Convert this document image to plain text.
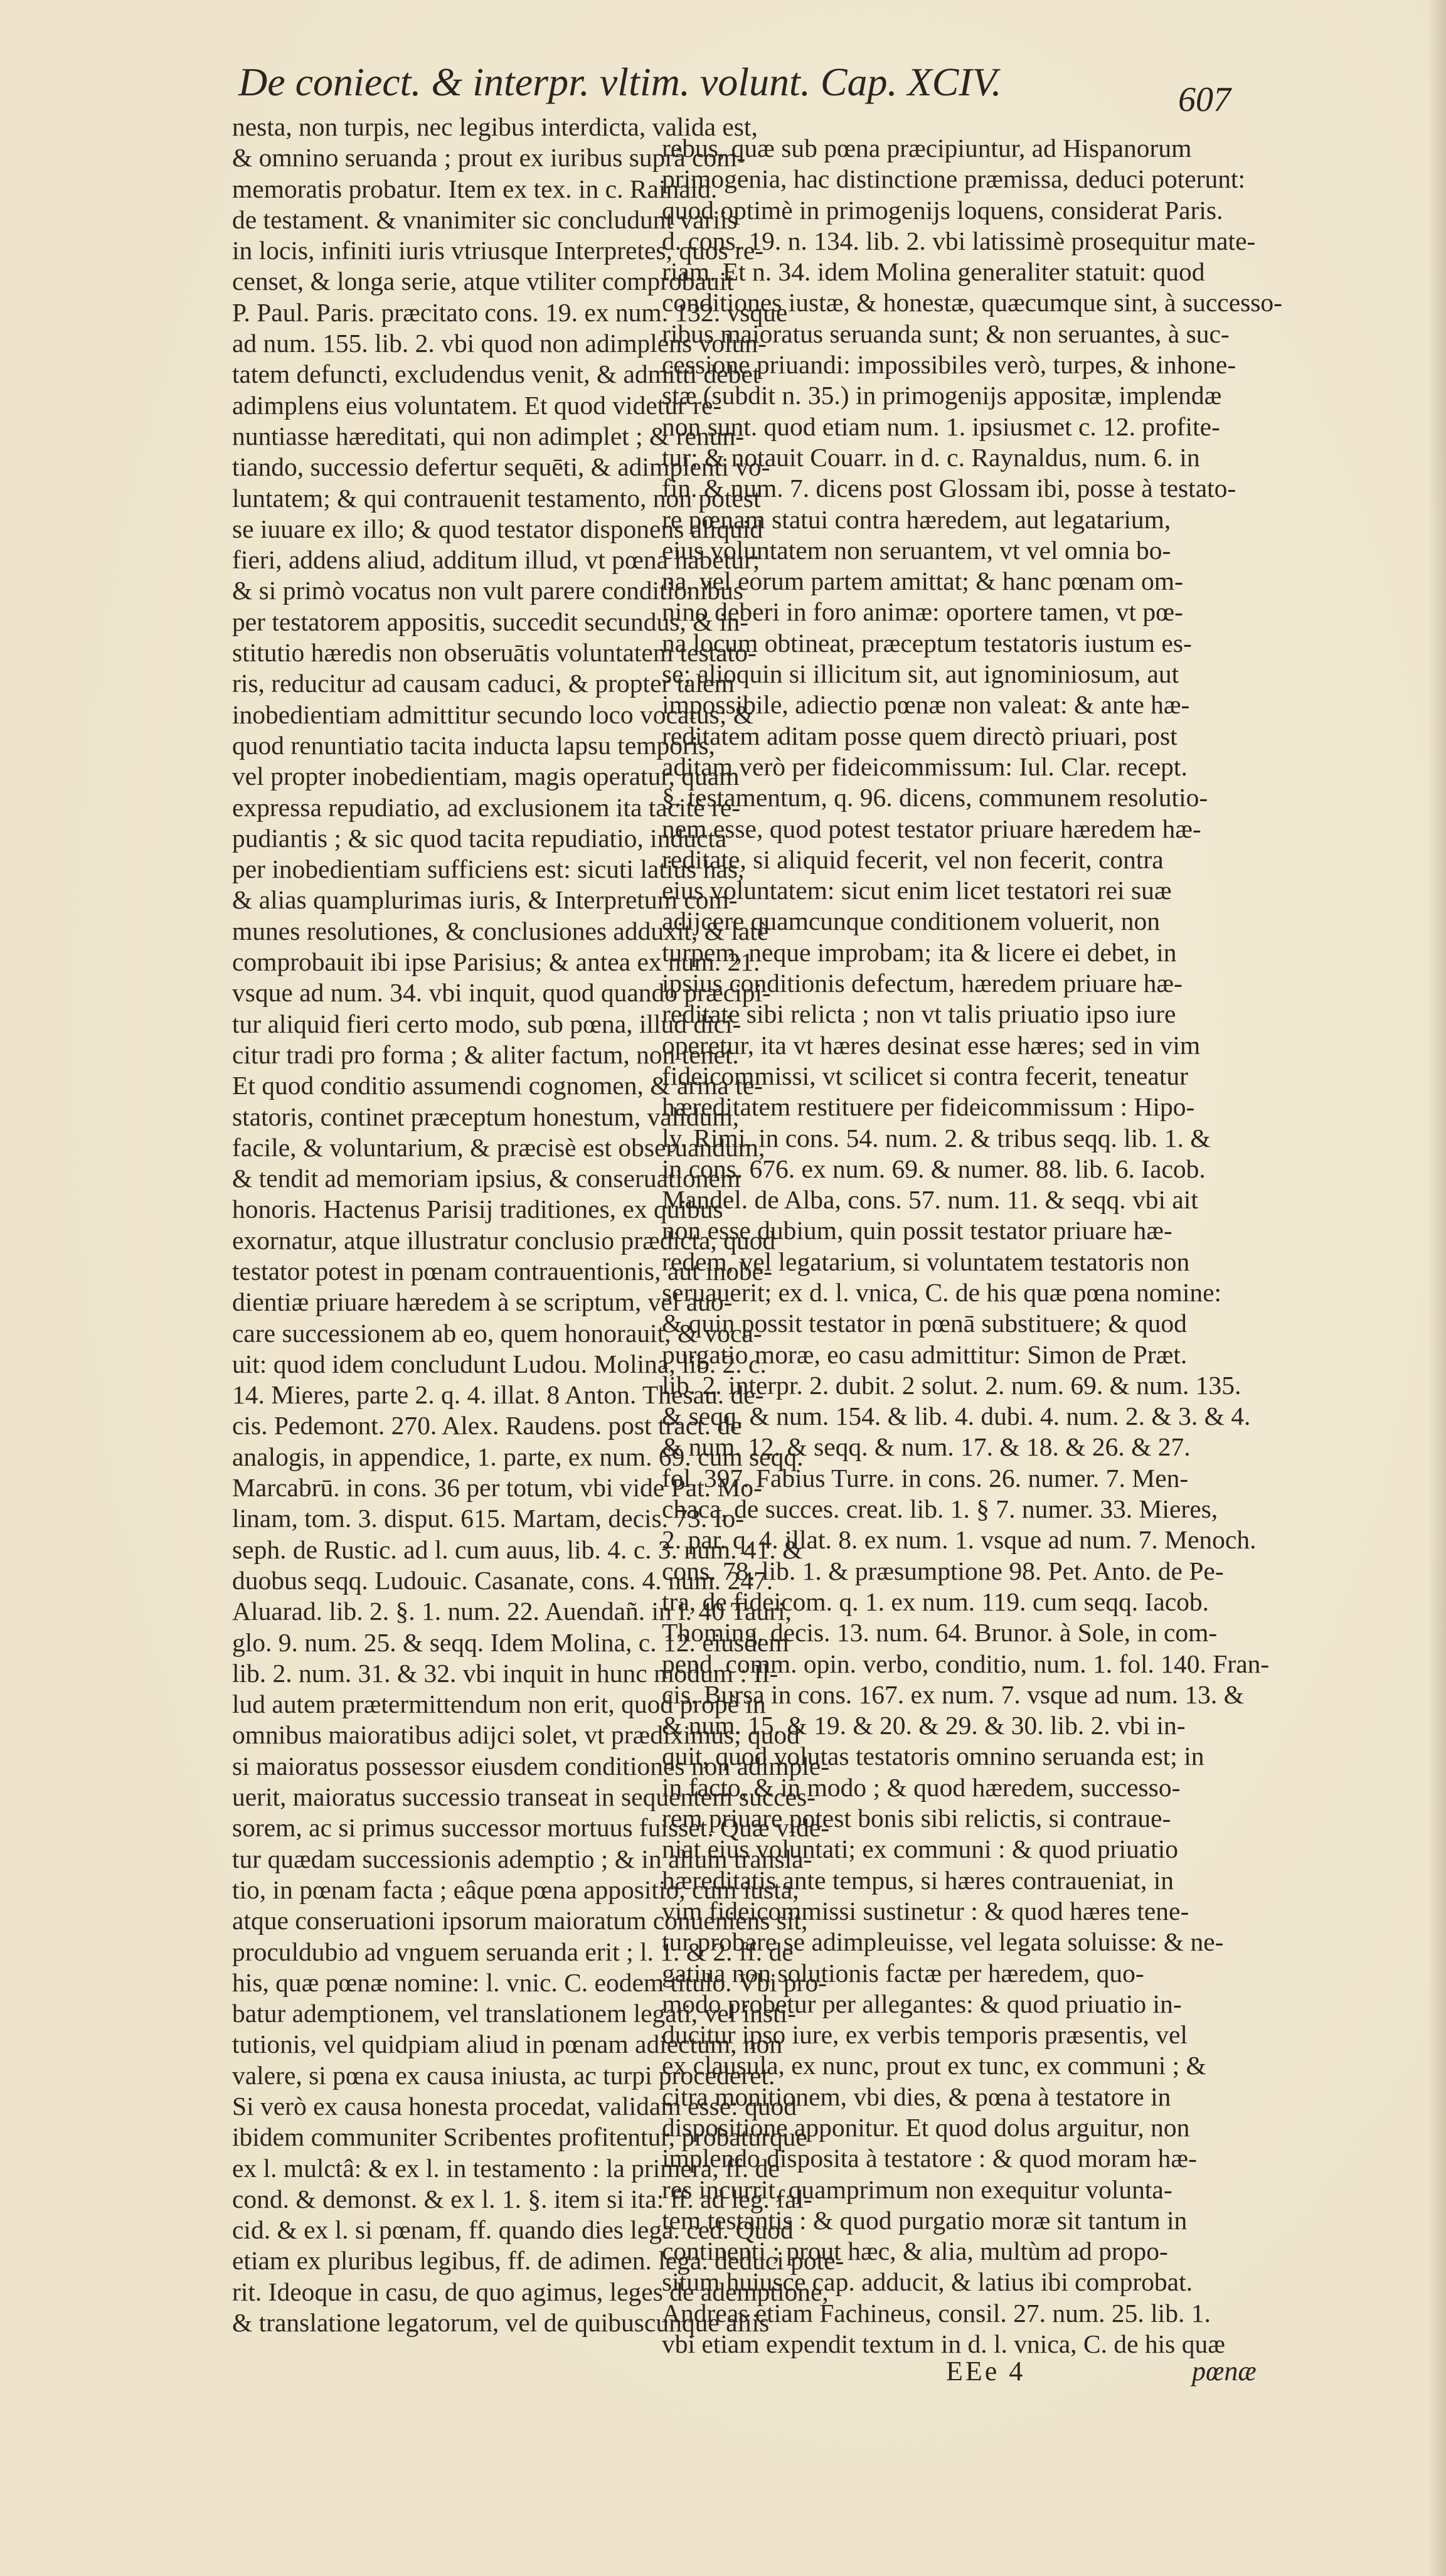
De coniect. & interpr. vltim. volunt. Cap. XCIV.	607
nesta, non turpis, nec legibus interdicta, valida est,
& omnino seruanda ; prout ex iuribus suprà com-
memoratis probatur. Item ex tex. in c. Rainald.
de testament. & vnanimiter sic concludunt variis
in locis, infiniti iuris vtriusque Interpretes, quos re-
censet, & longa serie, atque vtiliter comprobauit
P. Paul. Paris. præcitato cons. 19. ex num. 132. vsque
ad num. 155. lib. 2. vbi quod non adimplens volun-
tatem defuncti, excludendus venit, & admitti debet
adimplens eius voluntatem. Et quod videtur re-
nuntiasse hæreditati, qui non adimplet ; & renun-
tiando, successio defertur sequēti, & adimplenti vo-
luntatem; & qui contrauenit testamento, non potest
se iuuare ex illo; & quod testator disponens aliquid
fieri, addens aliud, additum illud, vt pœna habetur;
& si primò vocatus non vult parere conditionibus
per testatorem appositis, succedit secundus, & in-
stitutio hæredis non obseruātis voluntatem testato-
ris, reducitur ad causam caduci, & propter talem
inobedientiam admittitur secundo loco vocatus; &
quod renuntiatio tacita inducta lapsu temporis,
vel propter inobedientiam, magis operatur, quam
expressa repudiatio, ad exclusionem ita tacitè re-
pudiantis ; & sic quod tacita repudiatio, inducta
per inobedientiam sufficiens est: sicuti latius has,
& alias quamplurimas iuris, & Interpretum com-
munes resolutiones, & conclusiones adduxit, & latè
comprobauit ibi ipse Parisius; & antea ex num. 21.
vsque ad num. 34. vbi inquit, quod quando præcipi-
tur aliquid fieri certo modo, sub pœna, illud dici-
citur tradi pro forma ; & aliter factum, non tenet.
Et quod conditio assumendi cognomen, & arma te-
statoris, continet præceptum honestum, validum,
facile, & voluntarium, & præcisè est obseruandum,
& tendit ad memoriam ipsius, & conseruationem
honoris. Hactenus Parisij traditiones, ex quibus
exornatur, atque illustratur conclusio prædicta, quod
testator potest in pœnam contrauentionis, aut inobe-
dientiæ priuare hæredem à se scriptum, vel auo-
care successionem ab eo, quem honorauit, & voca-
uit: quod idem concludunt Ludou. Molina, lib. 2. c.
14. Mieres, parte 2. q. 4. illat. 8 Anton. Thesau. de-
cis. Pedemont. 270. Alex. Raudens. post tract. de
analogis, in appendice, 1. parte, ex num. 69. cum seqq.
Marcabrū. in cons. 36 per totum, vbi vide Pat. Mo-
linam, tom. 3. disput. 615. Martam, decis. 73. Io-
seph. de Rustic. ad l. cum auus, lib. 4. c. 3. num. 41. &
duobus seqq. Ludouic. Casanate, cons. 4. num. 247.
Aluarad. lib. 2. §. 1. num. 22. Auendañ. in l. 40 Tauri,
glo. 9. num. 25. & seqq. Idem Molina, c. 12. eiusdem
lib. 2. num. 31. & 32. vbi inquit in hunc modum : Il-
lud autem prætermittendum non erit, quod propè in
omnibus maioratibus adijci solet, vt prædiximus; quod
si maioratus possessor eiusdem conditiones non adimple-
uerit, maioratus successio transeat in sequentem succes-
sorem, ac si primus successor mortuus fuisset. Quæ vide-
tur quædam successionis ademptio ; & in alium transla-
tio, in pœnam facta ; eâque pœna appositio, cum iusta,
atque conseruationi ipsorum maioratum conueniens sit,
proculdubio ad vnguem seruanda erit ; l. 1. & 2. ff. de
his, quæ pœnæ nomine: l. vnic. C. eodem titulo. Vbi pro-
batur ademptionem, vel translationem legati, vel insti-
tutionis, vel quidpiam aliud in pœnam adiectum, non
valere, si pœna ex causa iniusta, ac turpi procederet.
Si verò ex causa honesta procedat, validam esse: quod
ibidem communiter Scribentes profitentur, probaturque
ex l. mulctâ: & ex l. in testamento : la primera, ff. de
cond. & demonst. & ex l. 1. §. item si ita: ff. ad leg. fal-
cid. & ex l. si pœnam, ff. quando dies lega. ced. Quod
etiam ex pluribus legibus, ff. de adimen. lega. deduci pote-
rit. Ideoque in casu, de quo agimus, leges de ademptione,
& translatione legatorum, vel de quibuscunque aliis
rebus, quæ sub pœna præcipiuntur, ad Hispanorum
primogenia, hac distinctione præmissa, deduci poterunt:
quod optimè in primogenijs loquens, considerat Paris.
d. cons. 19. n. 134. lib. 2. vbi latissimè prosequitur mate-
riam. Et n. 34. idem Molina generaliter statuit: quod
conditiones iustæ, & honestæ, quæcumque sint, à successo-
ribus maioratus seruanda sunt; & non seruantes, à suc-
cessione priuandi: impossibiles verò, turpes, & inhone-
stæ (subdit n. 35.) in primogenijs appositæ, implendæ
non sunt. quod etiam num. 1. ipsiusmet c. 12. profite-
tur; & notauit Couarr. in d. c. Raynaldus, num. 6. in
fin. & num. 7. dicens post Glossam ibi, posse à testato-
re pœnam statui contra hæredem, aut legatarium,
eius voluntatem non seruantem, vt vel omnia bo-
na, vel eorum partem amittat; & hanc pœnam om-
nino deberi in foro animæ: oportere tamen, vt pœ-
na locum obtineat, præceptum testatoris iustum es-
se; alioquin si illicitum sit, aut ignominiosum, aut
impossibile, adiectio pœnæ non valeat: & ante hæ-
reditatem aditam posse quem directò priuari, post
aditam verò per fideicommissum: Iul. Clar. recept.
§. testamentum, q. 96. dicens, communem resolutio-
nem esse, quod potest testator priuare hæredem hæ-
reditate, si aliquid fecerit, vel non fecerit, contra
eius voluntatem: sicut enim licet testatori rei suæ
adijcere quamcunque conditionem voluerit, non
turpem, neque improbam; ita & licere ei debet, in
ipsius conditionis defectum, hæredem priuare hæ-
reditate sibi relicta ; non vt talis priuatio ipso iure
operetur, ita vt hæres desinat esse hæres; sed in vim
fideicommissi, vt scilicet si contra fecerit, teneatur
hæreditatem restituere per fideicommissum : Hipo-
ly. Rimi. in cons. 54. num. 2. & tribus seqq. lib. 1. &
in cons. 676. ex num. 69. & numer. 88. lib. 6. Iacob.
Mandel. de Alba, cons. 57. num. 11. & seqq. vbi ait
non esse dubium, quin possit testator priuare hæ-
redem, vel legatarium, si voluntatem testatoris non
seruauerit; ex d. l. vnica, C. de his quæ pœna nomine:
& quin possit testator in pœnā substituere; & quod
purgatio moræ, eo casu admittitur: Simon de Præt.
lib. 2. interpr. 2. dubit. 2 solut. 2. num. 69. & num. 135.
& seqq. & num. 154. & lib. 4. dubi. 4. num. 2. & 3. & 4.
& num. 12. & seqq. & num. 17. & 18. & 26. & 27.
fol. 397. Fabius Turre. in cons. 26. numer. 7. Men-
chaca, de succes. creat. lib. 1. § 7. numer. 33. Mieres,
2. par. q. 4. illat. 8. ex num. 1. vsque ad num. 7. Menoch.
cons. 78. lib. 1. & præsumptione 98. Pet. Anto. de Pe-
tra, de fideicom. q. 1. ex num. 119. cum seqq. Iacob.
Thoming. decis. 13. num. 64. Brunor. à Sole, in com-
pend. comm. opin. verbo, conditio, num. 1. fol. 140. Fran-
cis. Bursa in cons. 167. ex num. 7. vsque ad num. 13. &
& num. 15. & 19. & 20. & 29. & 30. lib. 2. vbi in-
quit, quod volutas testatoris omnino seruanda est; in
in facto, & in modo ; & quod hæredem, successo-
rem priuare potest bonis sibi relictis, si contraue-
niat eius voluntati; ex communi : & quod priuatio
hæreditatis ante tempus, si hæres contraueniat, in
vim fideicommissi sustinetur : & quod hæres tene-
tur probare se adimpleuisse, vel legata soluisse: & ne-
gatiua non solutionis factæ per hæredem, quo-
modo probetur per allegantes: & quod priuatio in-
ducitur ipso iure, ex verbis temporis præsentis, vel
ex clausula, ex nunc, prout ex tunc, ex communi ; &
citra monitionem, vbi dies, & pœna à testatore in
dispositione apponitur. Et quod dolus arguitur, non
implendo disposita à testatore : & quod moram hæ-
res incurrit, quamprimum non exequitur volunta-
tem testantis : & quod purgatio moræ sit tantum in
continenti ; prout hæc, & alia, multùm ad propo-
situm huiusce cap. adducit, & latius ibi comprobat.
Andreas etiam Fachineus, consil. 27. num. 25. lib. 1.
vbi etiam expendit textum in d. l. vnica, C. de his quæ
EEe 4	pœnæ
